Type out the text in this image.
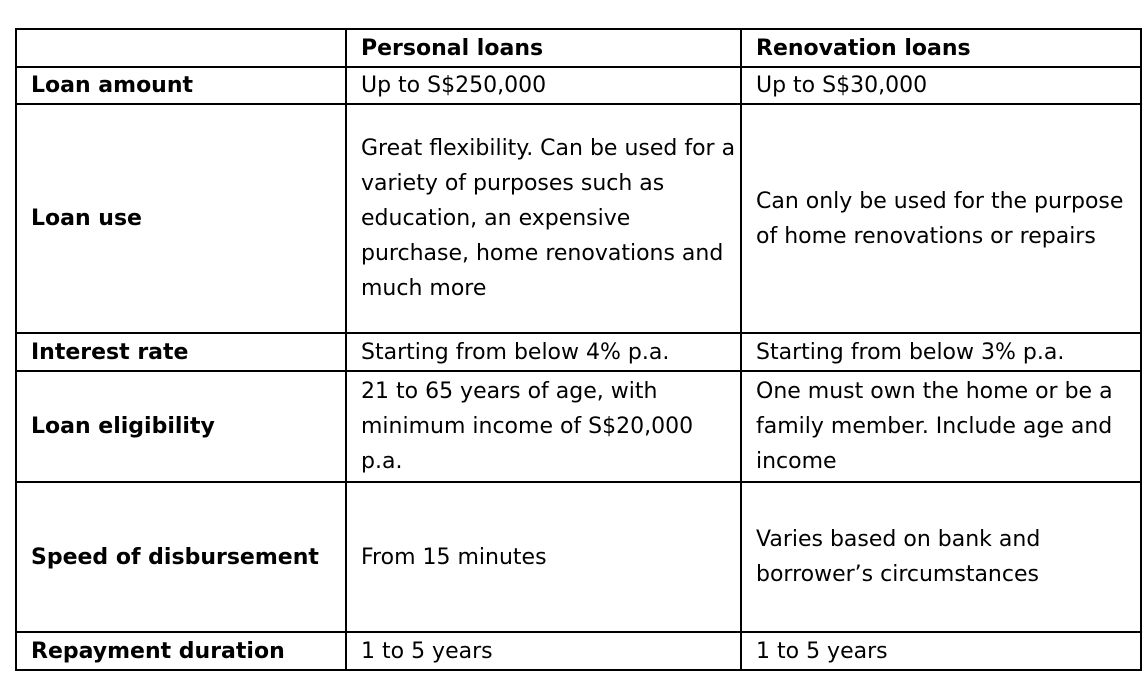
	Personal loans	Renovation loans
Loan amount	Up to S$250,000	Up to S$30,000
Loan use	Great flexibility. Can be used for a variety of purposes such as education, an expensive purchase, home renovations and much more	Can only be used for the purpose of home renovations or repairs
Interest rate	Starting from below 4% p.a.	Starting from below 3% p.a.
Loan eligibility	21 to 65 years of age, with minimum income of S$20,000 p.a.	One must own the home or be a family member. Include age and income
Speed of disbursement	From 15 minutes	Varies based on bank and borrower’s circumstances
Repayment duration	1 to 5 years	1 to 5 years
